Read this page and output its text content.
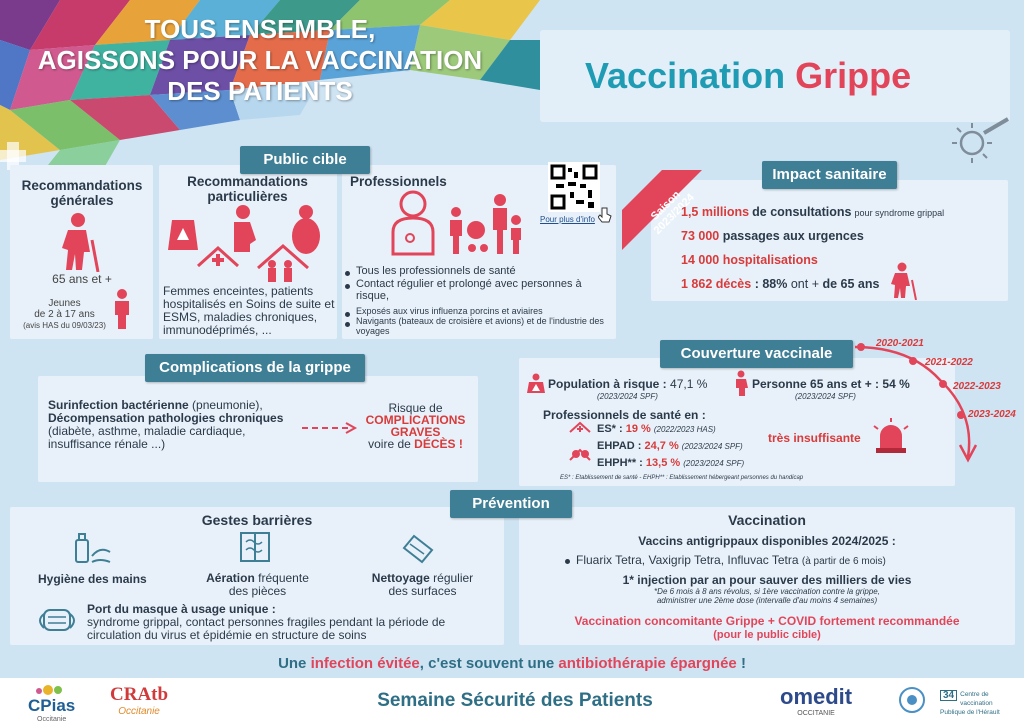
TOUS ENSEMBLE,
AGISSONS POUR LA VACCINATION
DES PATIENTS	Vaccination Grippe
Public cible
Recommandations générales
65 ans et +
Jeunes
de 2 à 17 ans
(avis HAS du 09/03/23)
Recommandations particulières
Femmes enceintes, patients hospitalisés en Soins de suite et ESMS, maladies chroniques, immunodéprimés, ...
Professionnels
Tous les professionnels de santé
Contact régulier et prolongé avec personnes à risque,
Exposés aux virus influenza porcins et aviaires
Navigants (bateaux de croisière et avions) et de l'industrie des voyages
Pour plus d'info	Saison 2023/2024
Impact sanitaire
1,5 millions de consultations pour syndrome grippal
73 000 passages aux urgences
14 000 hospitalisations
1 862 décès : 88% ont + de 65 ans
Complications de la grippe
Surinfection bactérienne (pneumonie),
Décompensation pathologies chroniques
(diabète, asthme, maladie cardiaque, insuffisance rénale ...)
Risque de
COMPLICATIONS
GRAVES
voire de DÉCÈS !
Couverture vaccinale
Population à risque : 47,1 %
(2023/2024 SPF)
Personne 65 ans et + : 54 %
(2023/2024 SPF)
Professionnels de santé en :
ES* : 19 % (2022/2023 HAS)
EHPAD : 24,7 % (2023/2024 SPF)
EHPH** : 13,5 % (2023/2024 SPF)
très insuffisante
ES* : Etablissement de santé - EHPH** : Etablissement hébergeant personnes du handicap
2020-2021
2021-2022
2022-2023
2023-2024
Prévention
Gestes barrières
Hygiène des mains	Aération fréquente
des pièces
Nettoyage régulier
des surfaces
Port du masque à usage unique :
syndrome grippal, contact personnes fragiles pendant la période de circulation du virus et épidémie en structure de soins
Vaccination
Vaccins antigrippaux disponibles 2024/2025 :
Fluarix Tetra, Vaxigrip Tetra, Influvac Tetra (à partir de 6 mois)
1* injection par an pour sauver des milliers de vies
*De 6 mois à 8 ans révolus, si 1ère vaccination contre la grippe,
administrer une 2ème dose (intervalle d'au moins 4 semaines)
Vaccination concomitante Grippe + COVID fortement recommandée
(pour le public cible)
Une infection évitée, c'est souvent une antibiothérapie épargnée !
CPias
Occitanie
CRAtb
Occitanie
Semaine Sécurité des Patients	omedit
OCCITANIE
34 Centre de vaccination
Publique de l'Hérault
